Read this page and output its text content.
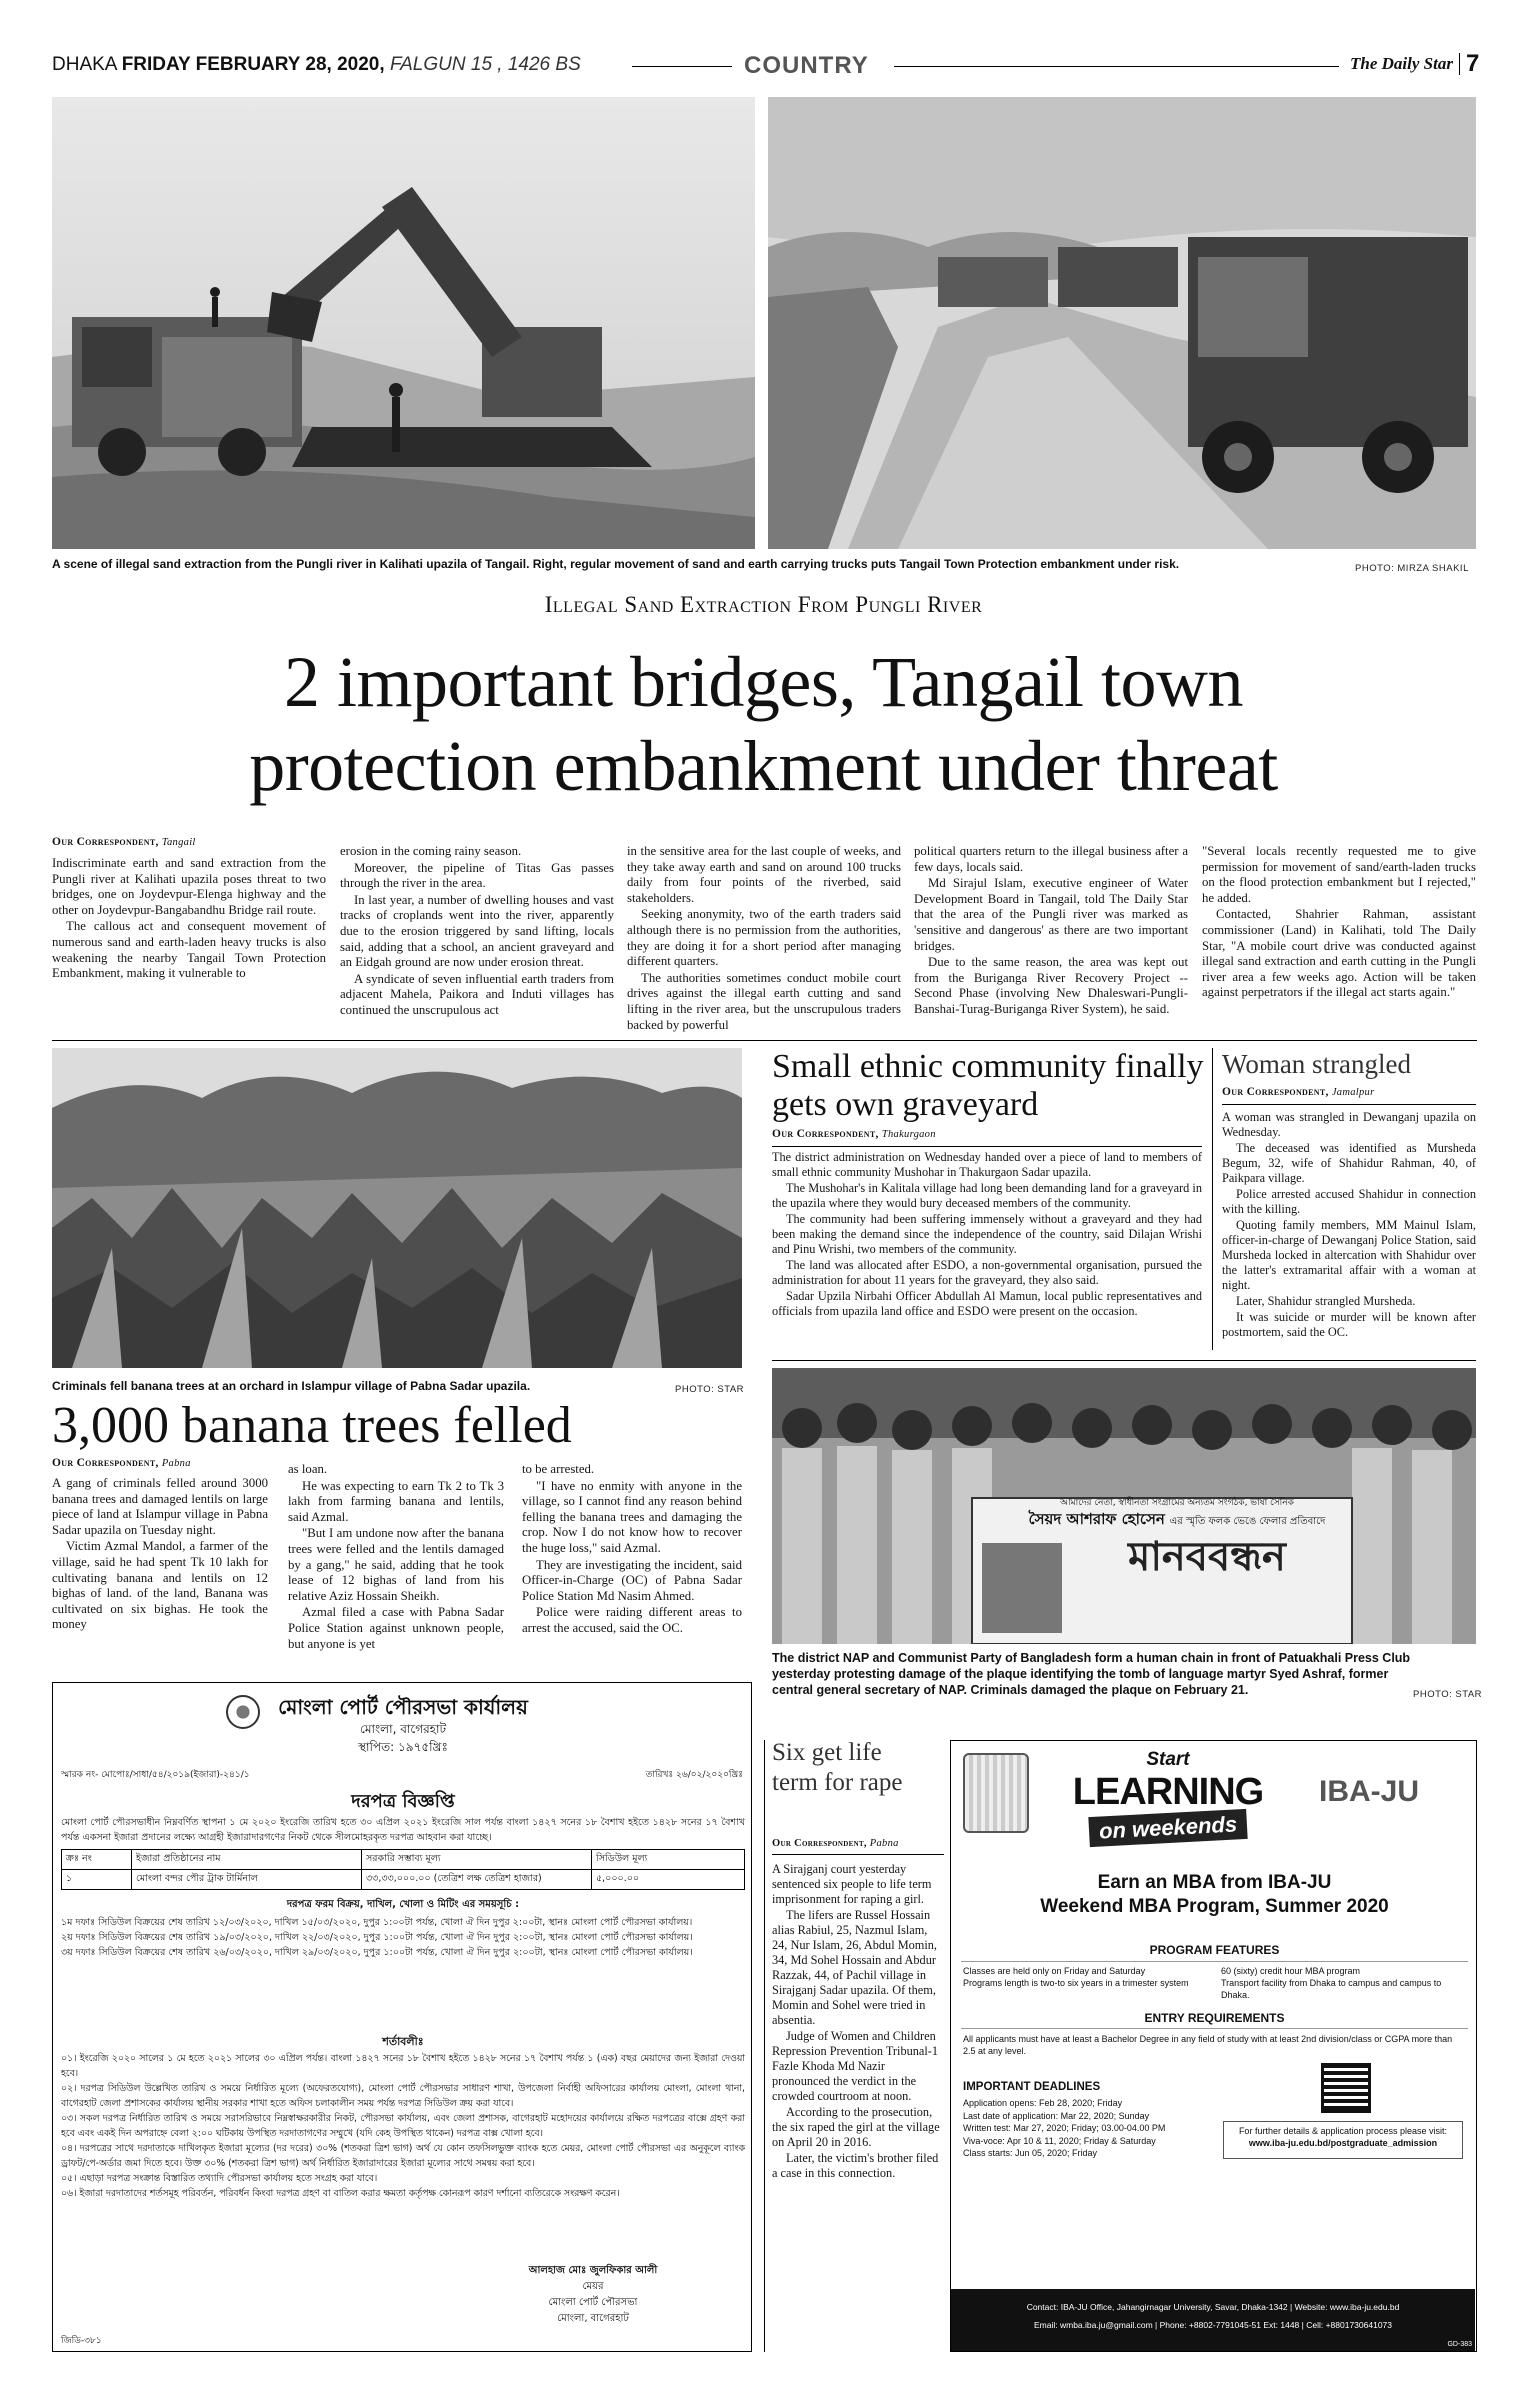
DHAKA FRIDAY FEBRUARY 28, 2020, FALGUN 15 , 1426 BS	COUNTRY	The Daily Star 7
A scene of illegal sand extraction from the Pungli river in Kalihati upazila of Tangail. Right, regular movement of sand and earth carrying trucks puts Tangail Town Protection embankment under risk.	PHOTO: MIRZA SHAKIL
Illegal Sand Extraction From Pungli River
2 important bridges, Tangail town
protection embankment under threat
Our Correspondent, Tangail

Indiscriminate earth and sand extraction from the Pungli river at Kalihati upazila poses threat to two bridges, one on Joydevpur-Elenga highway and the other on Joydevpur-Bangabandhu Bridge rail route.

The callous act and consequent movement of numerous sand and earth-laden heavy trucks is also weakening the nearby Tangail Town Protection Embankment, making it vulnerable to

erosion in the coming rainy season.

Moreover, the pipeline of Titas Gas passes through the river in the area.

In last year, a number of dwelling houses and vast tracks of croplands went into the river, apparently due to the erosion triggered by sand lifting, locals said, adding that a school, an ancient graveyard and an Eidgah ground are now under erosion threat.

A syndicate of seven influential earth traders from adjacent Mahela, Paikora and Induti villages has continued the unscrupulous act

in the sensitive area for the last couple of weeks, and they take away earth and sand on around 100 trucks daily from four points of the riverbed, said stakeholders.

Seeking anonymity, two of the earth traders said although there is no permission from the authorities, they are doing it for a short period after managing different quarters.

The authorities sometimes conduct mobile court drives against the illegal earth cutting and sand lifting in the river area, but the unscrupulous traders backed by powerful

political quarters return to the illegal business after a few days, locals said.

Md Sirajul Islam, executive engineer of Water Development Board in Tangail, told The Daily Star that the area of the Pungli river was marked as 'sensitive and dangerous' as there are two important bridges.

Due to the same reason, the area was kept out from the Buriganga River Recovery Project -- Second Phase (involving New Dhaleswari-Pungli-Banshai-Turag-Buriganga River System), he said.

"Several locals recently requested me to give permission for movement of sand/earth-laden trucks on the flood protection embankment but I rejected," he added.

Contacted, Shahrier Rahman, assistant commissioner (Land) in Kalihati, told The Daily Star, "A mobile court drive was conducted against illegal sand extraction and earth cutting in the Pungli river area a few weeks ago. Action will be taken against perpetrators if the illegal act starts again."

Criminals fell banana trees at an orchard in Islampur village of Pabna Sadar upazila.	PHOTO: STAR
3,000 banana trees felled
Our Correspondent, Pabna

A gang of criminals felled around 3000 banana trees and damaged lentils on large piece of land at Islampur village in Pabna Sadar upazila on Tuesday night.

Victim Azmal Mandol, a farmer of the village, said he had spent Tk 10 lakh for cultivating banana and lentils on 12 bighas of land. of the land, Banana was cultivated on six bighas. He took the money

as loan.

He was expecting to earn Tk 2 to Tk 3 lakh from farming banana and lentils, said Azmal.

"But I am undone now after the banana trees were felled and the lentils damaged by a gang," he said, adding that he took lease of 12 bighas of land from his relative Aziz Hossain Sheikh.

Azmal filed a case with Pabna Sadar Police Station against unknown people, but anyone is yet

to be arrested.

"I have no enmity with anyone in the village, so I cannot find any reason behind felling the banana trees and damaging the crop. Now I do not know how to recover the huge loss," said Azmal.

They are investigating the incident, said Officer-in-Charge (OC) of Pabna Sadar Police Station Md Nasim Ahmed.

Police were raiding different areas to arrest the accused, said the OC.

Small ethnic community finally gets own graveyard
Our Correspondent, Thakurgaon

The district administration on Wednesday handed over a piece of land to members of small ethnic community Mushohar in Thakurgaon Sadar upazila.

The Mushohar's in Kalitala village had long been demanding land for a graveyard in the upazila where they would bury deceased members of the community.

The community had been suffering immensely without a graveyard and they had been making the demand since the independence of the country, said Dilajan Wrishi and Pinu Wrishi, two members of the community.

The land was allocated after ESDO, a non-governmental organisation, pursued the administration for about 11 years for the graveyard, they also said.

Sadar Upzila Nirbahi Officer Abdullah Al Mamun, local public representatives and officials from upazila land office and ESDO were present on the occasion.

Woman strangled
Our Correspondent, Jamalpur

A woman was strangled in Dewanganj upazila on Wednesday.

The deceased was identified as Mursheda Begum, 32, wife of Shahidur Rahman, 40, of Paikpara village.

Police arrested accused Shahidur in connection with the killing.

Quoting family members, MM Mainul Islam, officer-in-charge of Dewanganj Police Station, said Mursheda locked in altercation with Shahidur over the latter's extramarital affair with a woman at night.

Later, Shahidur strangled Mursheda.

It was suicide or murder will be known after postmortem, said the OC.

আমাদের নেতা, স্বাধীনতা সংগ্রামের অন্যতম সংগঠক, ভাষা সৈনিক
সৈয়দ আশরাফ হোসেন এর স্মৃতি ফলক ভেঙে ফেলার প্রতিবাদে
মানববন্ধন
The district NAP and Communist Party of Bangladesh form a human chain in front of Patuakhali Press Club yesterday protesting damage of the plaque identifying the tomb of language martyr Syed Ashraf, former central general secretary of NAP. Criminals damaged the plaque on February 21.	PHOTO: STAR
মোংলা পোর্ট পৌরসভা কার্যালয়
মোংলা, বাগেরহাট
স্থাপিত: ১৯৭৫খ্রিঃ
স্মারক নং- মোপোঃ/সাধা/৫৪/২০১৯(ইজারা)-২৪১/১	তারিখঃ ২৬/০২/২০২০খ্রিঃ
দরপত্র বিজ্ঞপ্তি
মোংলা পোর্ট পৌরসভাধীন নিম্নবর্ণিত স্থাপনা ১ মে ২০২০ ইংরেজি তারিখ হতে ৩০ এপ্রিল ২০২১ ইংরেজি সাল পর্যন্ত বাংলা ১৪২৭ সনের ১৮ বৈশাখ হইতে ১৪২৮ সনের ১৭ বৈশাখ পর্যন্ত একসনা ইজারা প্রদানের লক্ষ্যে আগ্রহী ইজারাদারগণের নিকট থেকে সীলমোহরকৃত দরপত্র আহবান করা যাচ্ছে।
ক্রঃ নং	ইজারা প্রতিষ্ঠানের নাম	সরকারি সম্ভাব্য মূল্য	সিডিউল মূল্য
১	মোংলা বন্দর পৌর ট্রাক টার্মিনাল	৩৩,৩৩,০০০.০০ (তেত্রিশ লক্ষ তেত্রিশ হাজার)	৫,০০০.০০
দরপত্র ফরম বিক্রয়, দাখিল, খোলা ও মিটিং এর সময়সূচি :
১ম দফাঃ সিডিউল বিক্রয়ের শেষ তারিখ ১২/০৩/২০২০, দাখিল ১৫/০৩/২০২০, দুপুর ১:০০টা পর্যন্ত, খোলা ঐ দিন দুপুর ২:০০টা, স্থানঃ মোংলা পোর্ট পৌরসভা কার্যালয়।
২য় দফাঃ সিডিউল বিক্রয়ের শেষ তারিখ ১৯/০৩/২০২০, দাখিল ২২/০৩/২০২০, দুপুর ১:০০টা পর্যন্ত, খোলা ঐ দিন দুপুর ২:০০টা, স্থানঃ মোংলা পোর্ট পৌরসভা কার্যালয়।
৩য় দফাঃ সিডিউল বিক্রয়ের শেষ তারিখ ২৬/০৩/২০২০, দাখিল ২৯/০৩/২০২০, দুপুর ১:০০টা পর্যন্ত, খোলা ঐ দিন দুপুর ২:০০টা, স্থানঃ মোংলা পোর্ট পৌরসভা কার্যালয়।
শর্তাবলীঃ
০১। ইংরেজি ২০২০ সালের ১ মে হতে ২০২১ সালের ৩০ এপ্রিল পর্যন্ত। বাংলা ১৪২৭ সনের ১৮ বৈশাখ হইতে ১৪২৮ সনের ১৭ বৈশাখ পর্যন্ত ১ (এক) বছর মেয়াদের জন্য ইজারা দেওয়া হবে।
০২। দরপত্র সিডিউল উল্লেখিত তারিখ ও সময়ে নির্ধারিত মূল্যে (অফেরতযোগ্য), মোংলা পোর্ট পৌরসভার সাধারণ শাখা, উপজেলা নির্বাহী অফিসারের কার্যালয় মোংলা, মোংলা থানা, বাগেরহাট জেলা প্রশাসকের কার্যালয় স্থানীয় সরকার শাখা হতে অফিস চলাকালীন সময় পর্যন্ত দরপত্র সিডিউল ক্রয় করা যাবে।
০৩। সকল দরপত্র নির্ধারিত তারিখ ও সময়ে সরাসরিভাবে নিম্নস্বাক্ষরকারীর নিকট, পৌরসভা কার্যালয়, এবং জেলা প্রশাসক, বাগেরহাট মহোদয়ের কার্যালয়ে রক্ষিত দরপত্রের বাক্সে গ্রহণ করা হবে এবং একই দিন অপরাহ্নে বেলা ২:০০ ঘটিকায় উপস্থিত দরদাতাগণের সম্মুখে (যদি কেহ উপস্থিত থাকেন) দরপত্র বাক্স খোলা হবে।
০৪। দরপত্রের সাথে দরদাতাকে দাখিলকৃত ইজারা মূল্যের (দর দরের) ৩০% (শতকরা ত্রিশ ভাগ) অর্থ যে কোন তফসিলভুক্ত ব্যাংক হতে মেয়র, মোংলা পোর্ট পৌরসভা এর অনুকূলে ব্যাংক ড্রাফট/পে-অর্ডার জমা দিতে হবে। উক্ত ৩০% (শতকরা ত্রিশ ভাগ) অর্থ নির্ধারিত ইজারাদারের ইজারা মূল্যের সাথে সমন্বয় করা হবে।
০৫। এছাড়া দরপত্র সংক্রান্ত বিস্তারিত তথ্যাদি পৌরসভা কার্যালয় হতে সংগ্রহ করা যাবে।
০৬। ইজারা দরদাতাদের শর্তসমূহ পরিবর্তন, পরিবর্ধন কিংবা দরপত্র গ্রহণ বা বাতিল করার ক্ষমতা কর্তৃপক্ষ কোনরূপ কারণ দর্শানো ব্যতিরেকে সংরক্ষণ করেন।
আলহাজ মোঃ জুলফিকার আলী
মেয়র
মোংলা পোর্ট পৌরসভা
মোংলা, বাগেরহাট
জিডি-৩৮১
Six get life term for rape
Our Correspondent, Pabna

A Sirajganj court yesterday sentenced six people to life term imprisonment for raping a girl.

The lifers are Russel Hossain alias Rabiul, 25, Nazmul Islam, 24, Nur Islam, 26, Abdul Momin, 34, Md Sohel Hossain and Abdur Razzak, 44, of Pachil village in Sirajganj Sadar upazila. Of them, Momin and Sohel were tried in absentia.

Judge of Women and Children Repression Prevention Tribunal-1 Fazle Khoda Md Nazir pronounced the verdict in the crowded courtroom at noon.

According to the prosecution, the six raped the girl at the village on April 20 in 2016.

Later, the victim's brother filed a case in this connection.

Start
LEARNING
on weekends
IBA-JU
Earn an MBA from IBA-JU
Weekend MBA Program, Summer 2020
PROGRAM FEATURES
Classes are held only on Friday and Saturday
Programs length is two-to six years in a trimester system
60 (sixty) credit hour MBA program
Transport facility from Dhaka to campus and campus to Dhaka.
ENTRY REQUIREMENTS
All applicants must have at least a Bachelor Degree in any field of study with at least 2nd division/class or CGPA more than 2.5 at any level.
IMPORTANT DEADLINES
Application opens: Feb 28, 2020; Friday
Last date of application: Mar 22, 2020; Sunday
Written test: Mar 27, 2020; Friday; 03.00-04.00 PM
Viva-voce: Apr 10 & 11, 2020; Friday & Saturday
Class starts: Jun 05, 2020; Friday
For further details & application process please visit:
www.iba-ju.edu.bd/postgraduate_admission
Contact: IBA-JU Office, Jahangirnagar University, Savar, Dhaka-1342 | Website: www.iba-ju.edu.bd
Email: wmba.iba.ju@gmail.com | Phone: +8802-7791045-51 Ext: 1448 | Cell: +8801730641073
GD-383
